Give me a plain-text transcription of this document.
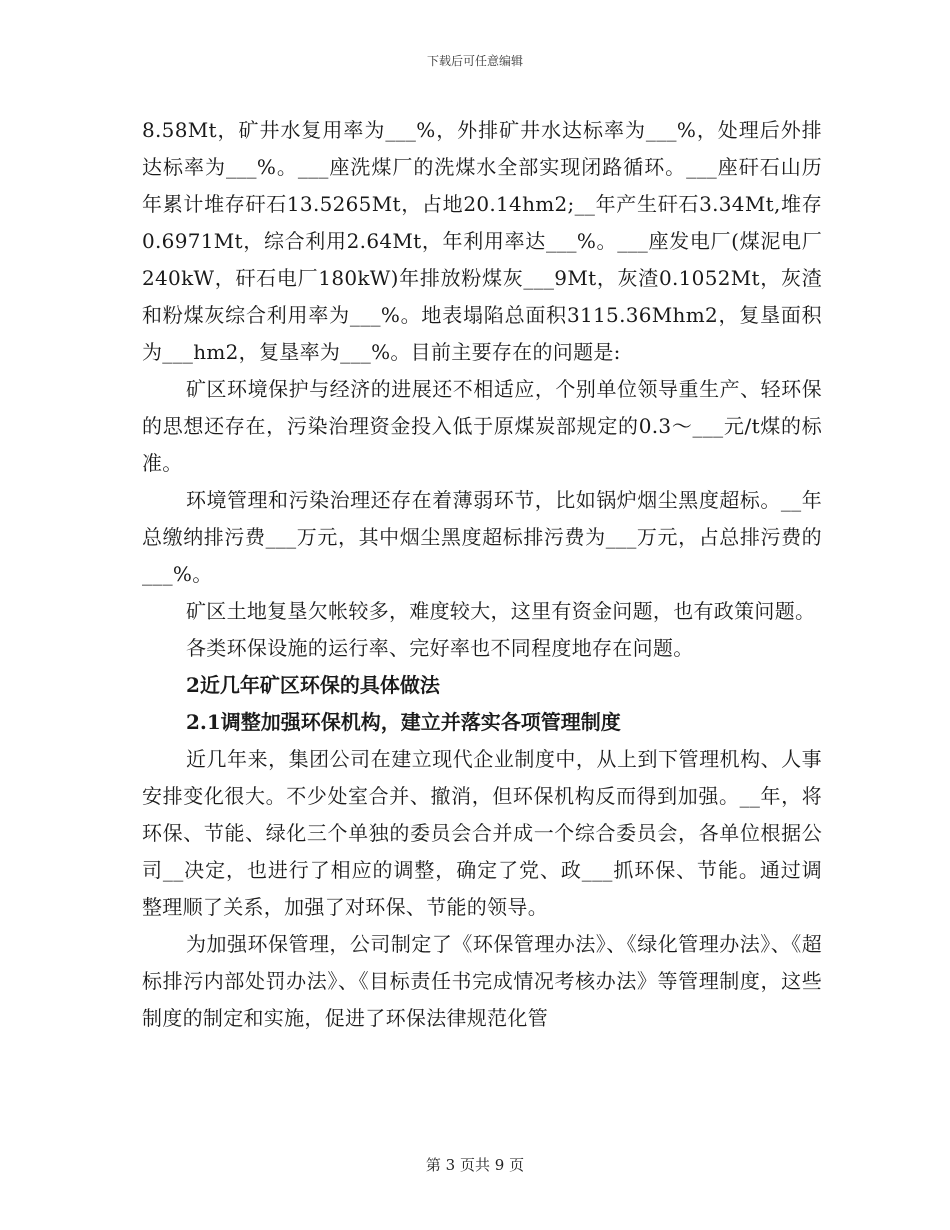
下载后可任意编辑

8.58Mt，矿井水复用率为___%，外排矿井水达标率为___%，处理后外排达标率为___%。___座洗煤厂的洗煤水全部实现闭路循环。___座矸石山历年累计堆存矸石13.5265Mt，占地20.14hm2;__年产生矸石3.34Mt,堆存0.6971Mt，综合利用2.64Mt，年利用率达___%。___座发电厂(煤泥电厂240kW，矸石电厂180kW)年排放粉煤灰___9Mt，灰渣0.1052Mt，灰渣和粉煤灰综合利用率为___%。地表塌陷总面积3115.36Mhm2，复垦面积为___hm2，复垦率为___%。目前主要存在的问题是:

矿区环境保护与经济的进展还不相适应，个别单位领导重生产、轻环保的思想还存在，污染治理资金投入低于原煤炭部规定的0.3～___元/t煤的标准。

环境管理和污染治理还存在着薄弱环节，比如锅炉烟尘黑度超标。__年总缴纳排污费___万元，其中烟尘黑度超标排污费为___万元，占总排污费的___%。

矿区土地复垦欠帐较多，难度较大，这里有资金问题，也有政策问题。

各类环保设施的运行率、完好率也不同程度地存在问题。

2近几年矿区环保的具体做法

2.1调整加强环保机构，建立并落实各项管理制度

近几年来，集团公司在建立现代企业制度中，从上到下管理机构、人事安排变化很大。不少处室合并、撤消，但环保机构反而得到加强。__年，将环保、节能、绿化三个单独的委员会合并成一个综合委员会，各单位根据公司__决定，也进行了相应的调整，确定了党、政___抓环保、节能。通过调整理顺了关系，加强了对环保、节能的领导。

为加强环保管理，公司制定了《环保管理办法》、《绿化管理办法》、《超标排污内部处罚办法》、《目标责任书完成情况考核办法》等管理制度，这些制度的制定和实施，促进了环保法律规范化管

第 3 页共 9 页
